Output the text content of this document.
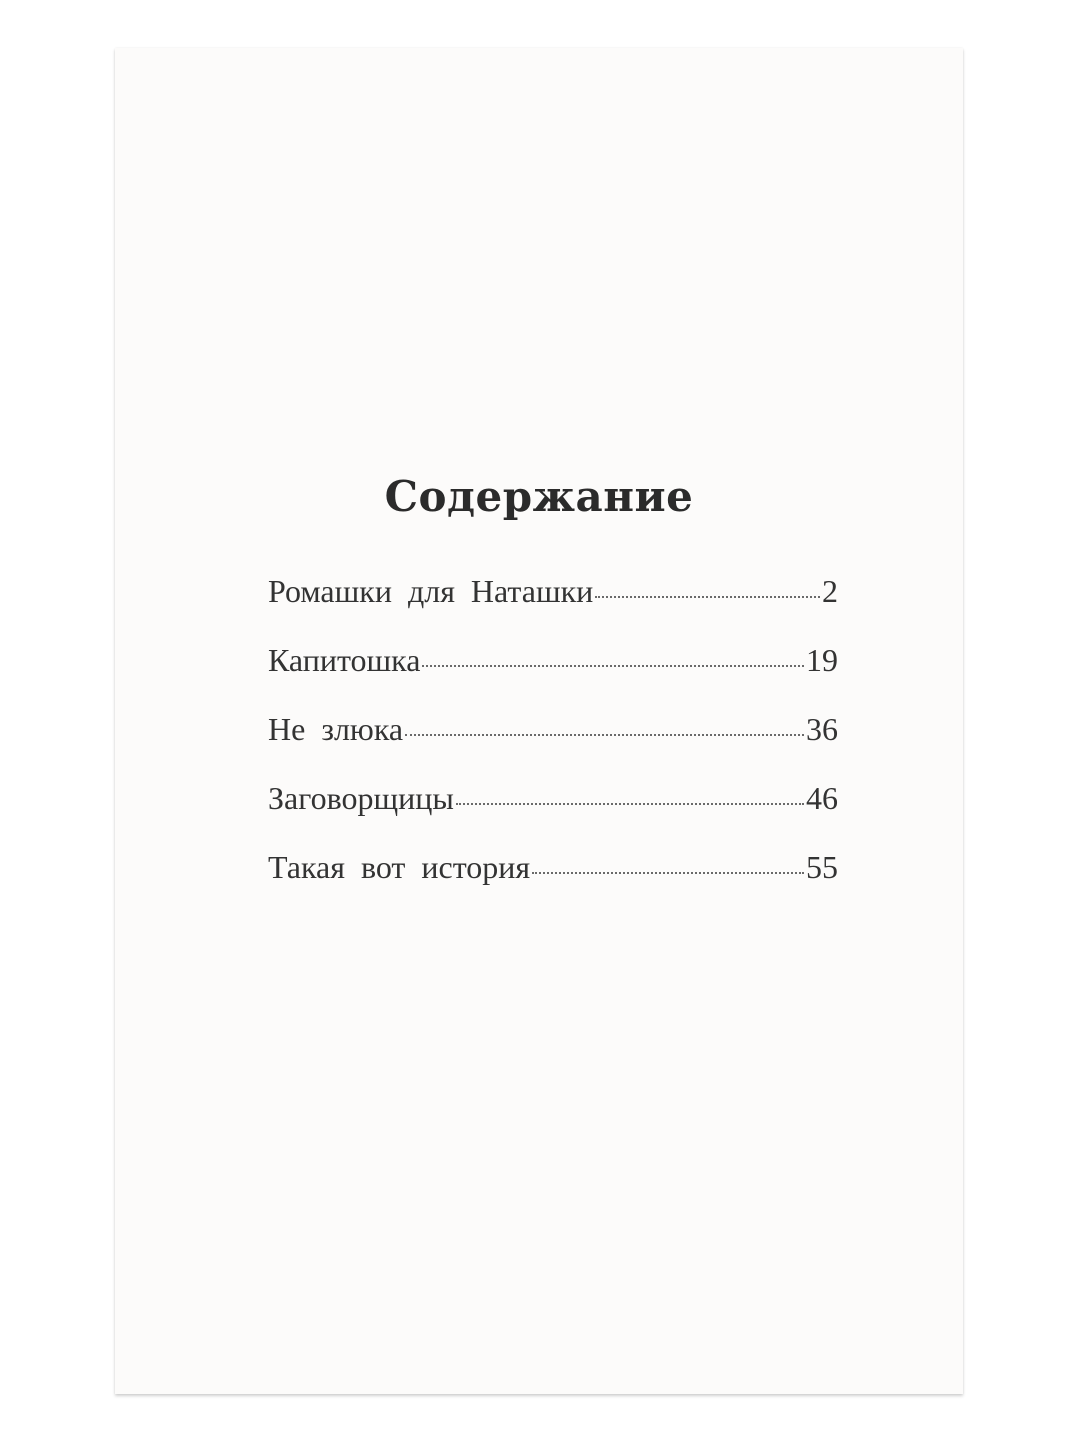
Содержание
Ромашки для Наташки	2
Капитошка	19
Не злюка	36
Заговорщицы	46
Такая вот история	55
